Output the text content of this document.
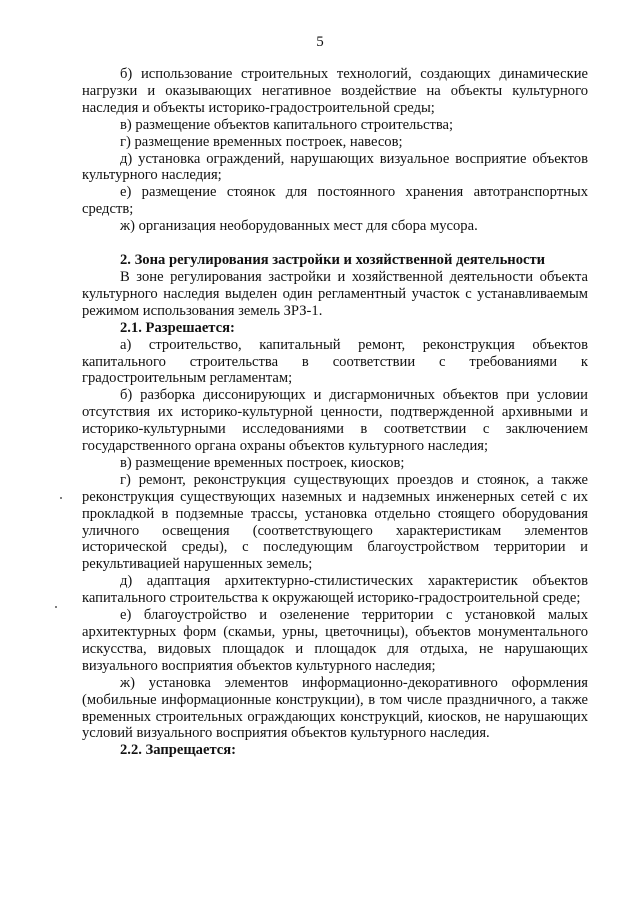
5

б) использование строительных технологий, создающих динамические нагрузки и оказывающих негативное воздействие на объекты культурного наследия и объекты историко-градостроительной среды;

в) размещение объектов капитального строительства;

г) размещение временных построек, навесов;

д) установка ограждений, нарушающих визуальное восприятие объектов культурного наследия;

е) размещение стоянок для постоянного хранения автотранспортных средств;

ж) организация необорудованных мест для сбора мусора.

2. Зона регулирования застройки и хозяйственной деятельности

В зоне регулирования застройки и хозяйственной деятельности объекта культурного наследия выделен один регламентный участок с устанавливаемым режимом использования земель ЗРЗ-1.

2.1. Разрешается:

а) строительство, капитальный ремонт, реконструкция объектов капитального строительства в соответствии с требованиями к градостроительным регламентам;

б) разборка диссонирующих и дисгармоничных объектов при условии отсутствия их историко-культурной ценности, подтвержденной архивными и историко-культурными исследованиями в соответствии с заключением государственного органа охраны объектов культурного наследия;

в) размещение временных построек, киосков;

г) ремонт, реконструкция существующих проездов и стоянок, а также реконструкция существующих наземных и надземных инженерных сетей с их прокладкой в подземные трассы, установка отдельно стоящего оборудования уличного освещения (соответствующего характеристикам элементов исторической среды), с последующим благоустройством территории и рекультивацией нарушенных земель;

д) адаптация архитектурно-стилистических характеристик объектов капитального строительства к окружающей историко-градостроительной среде;

е) благоустройство и озеленение территории с установкой малых архитектурных форм (скамьи, урны, цветочницы), объектов монументального искусства, видовых площадок и площадок для отдыха, не нарушающих визуального восприятия объектов культурного наследия;

ж) установка элементов информационно-декоративного оформления (мобильные информационные конструкции), в том числе праздничного, а также временных строительных ограждающих конструкций, киосков, не нарушающих условий визуального восприятия объектов культурного наследия.

2.2. Запрещается:
